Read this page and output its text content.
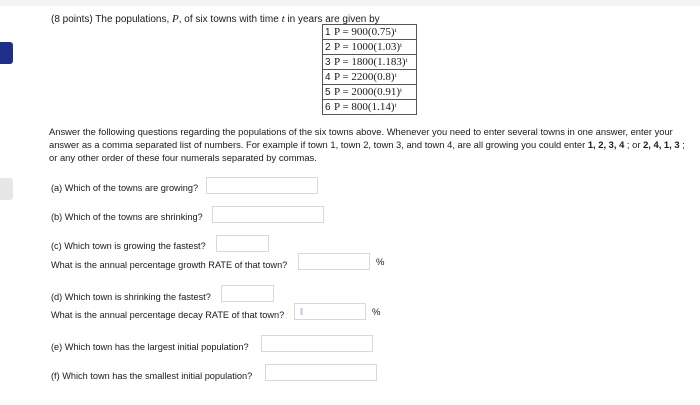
(8 points) The populations, P, of six towns with time t in years are given by
1	P = 900(0.75)ᵗ
2	P = 1000(1.03)ᵗ
3	P = 1800(1.183)ᵗ
4	P = 2200(0.8)ᵗ
5	P = 2000(0.91)ᵗ
6	P = 800(1.14)ᵗ
Answer the following questions regarding the populations of the six towns above. Whenever you need to enter several towns in one answer, enter your answer as a comma separated list of numbers. For example if town 1, town 2, town 3, and town 4, are all growing you could enter 1, 2, 3, 4 ; or 2, 4, 1, 3 ; or any other order of these four numerals separated by commas.
(a) Which of the towns are growing?
(b) Which of the towns are shrinking?
(c) Which town is growing the fastest?
What is the annual percentage growth RATE of that town?	%
(d) Which town is shrinking the fastest?
What is the annual percentage decay RATE of that town?	%
(e) Which town has the largest initial population?
(f) Which town has the smallest initial population?
